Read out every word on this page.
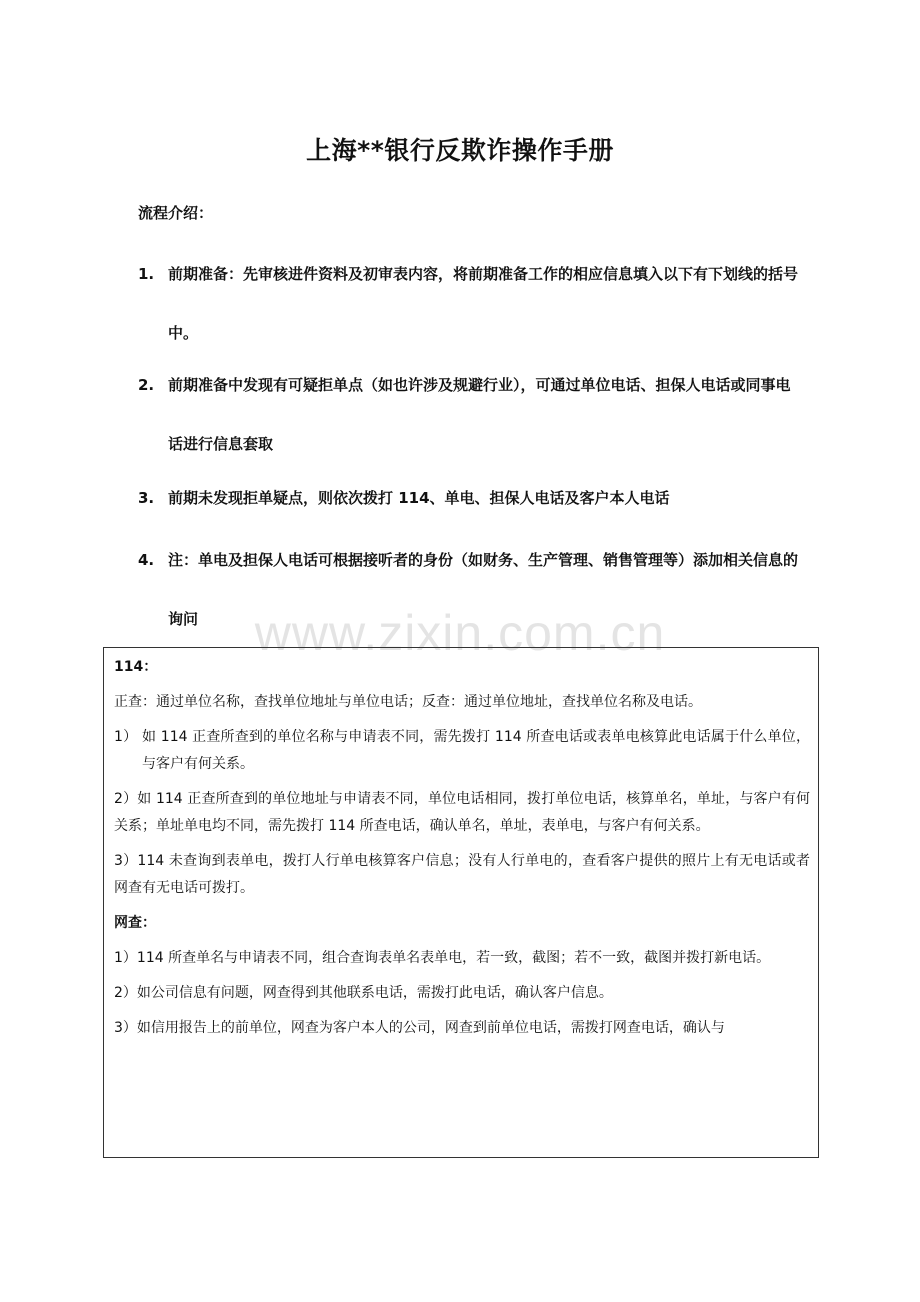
上海**银行反欺诈操作手册
流程介绍：
1. 前期准备：先审核进件资料及初审表内容，将前期准备工作的相应信息填入以下有下划线的括号中。
2. 前期准备中发现有可疑拒单点（如也许涉及规避行业），可通过单位电话、担保人电话或同事电话进行信息套取
3. 前期未发现拒单疑点，则依次拨打 114、单电、担保人电话及客户本人电话
4. 注：单电及担保人电话可根据接听者的身份（如财务、生产管理、销售管理等）添加相关信息的询问	www.zixin.com.cn
114：
正查：通过单位名称，查找单位地址与单位电话；反查：通过单位地址，查找单位名称及电话。
1） 如 114 正查所查到的单位名称与申请表不同，需先拨打 114 所查电话或表单电核算此电话属于什么单位，与客户有何关系。
2）如 114 正查所查到的单位地址与申请表不同，单位电话相同，拨打单位电话，核算单名，单址，与客户有何关系；单址单电均不同，需先拨打 114 所查电话，确认单名，单址，表单电，与客户有何关系。
3）114 未查询到表单电，拨打人行单电核算客户信息；没有人行单电的，查看客户提供的照片上有无电话或者网查有无电话可拨打。
网查：
1）114 所查单名与申请表不同，组合查询表单名表单电，若一致，截图；若不一致，截图并拨打新电话。
2）如公司信息有问题，网查得到其他联系电话，需拨打此电话，确认客户信息。
3）如信用报告上的前单位，网查为客户本人的公司，网查到前单位电话，需拨打网查电话，确认与
